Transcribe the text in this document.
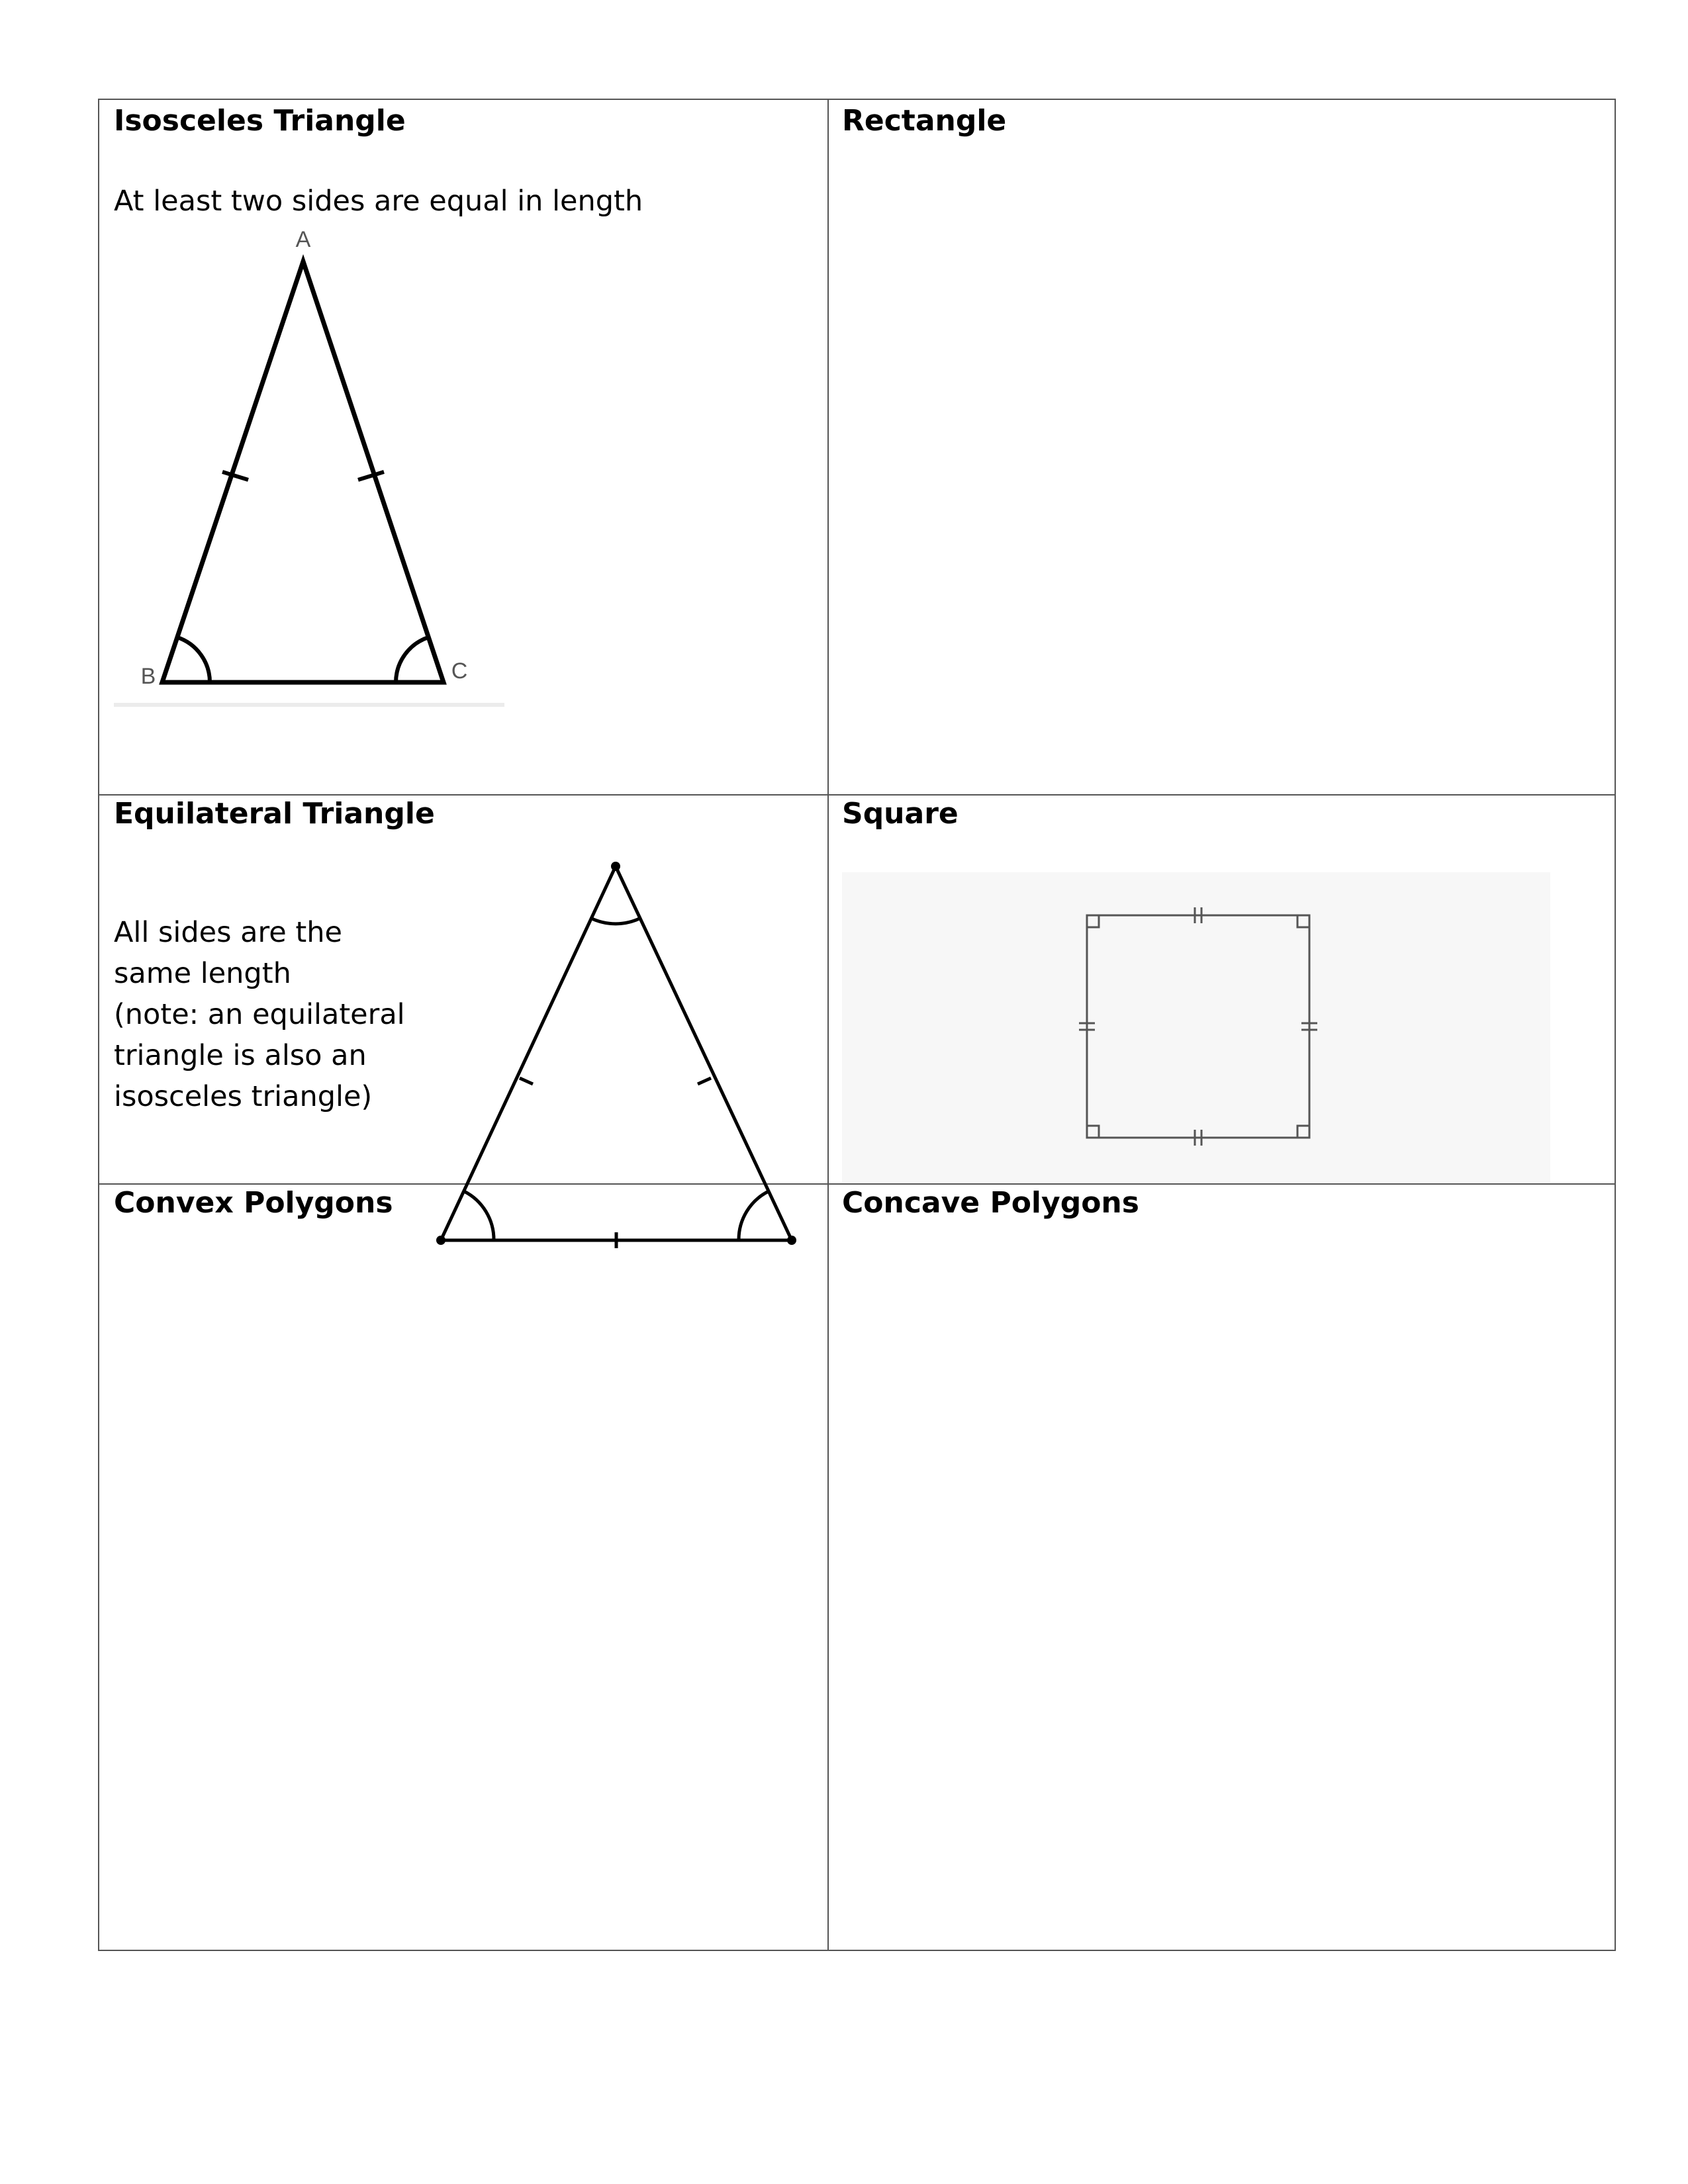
Isosceles Triangle
At least two sides are equal in length
A
B	C
Rectangle
Equilateral Triangle
All sides are the same length
(note: an equilateral triangle is also an isosceles triangle)
Square
Convex Polygons	Concave Polygons
